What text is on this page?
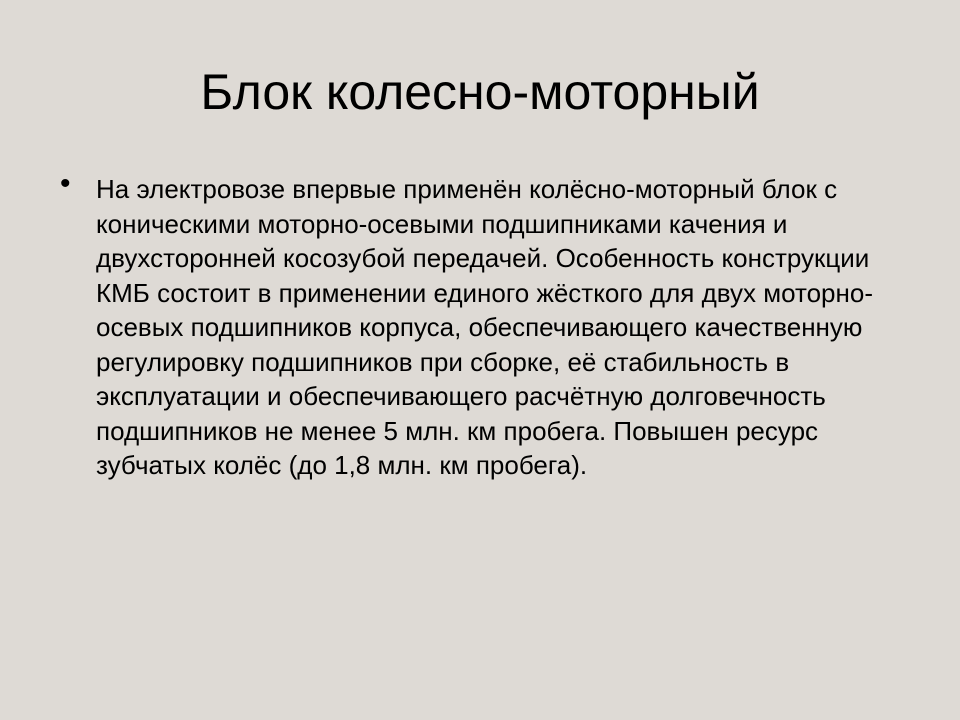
Блок колесно-моторный
• На электровозе впервые применён колёсно-моторный блок с коническими моторно-осевыми подшипниками качения и двухсторонней косозубой передачей. Особенность конструкции КМБ состоит в применении единого жёсткого для двух моторно-осевых подшипников корпуса, обеспечивающего качественную регулировку подшипников при сборке, её стабильность в эксплуатации и обеспечивающего расчётную долговечность подшипников не менее 5 млн. км пробега. Повышен ресурс зубчатых колёс (до 1,8 млн. км пробега).
